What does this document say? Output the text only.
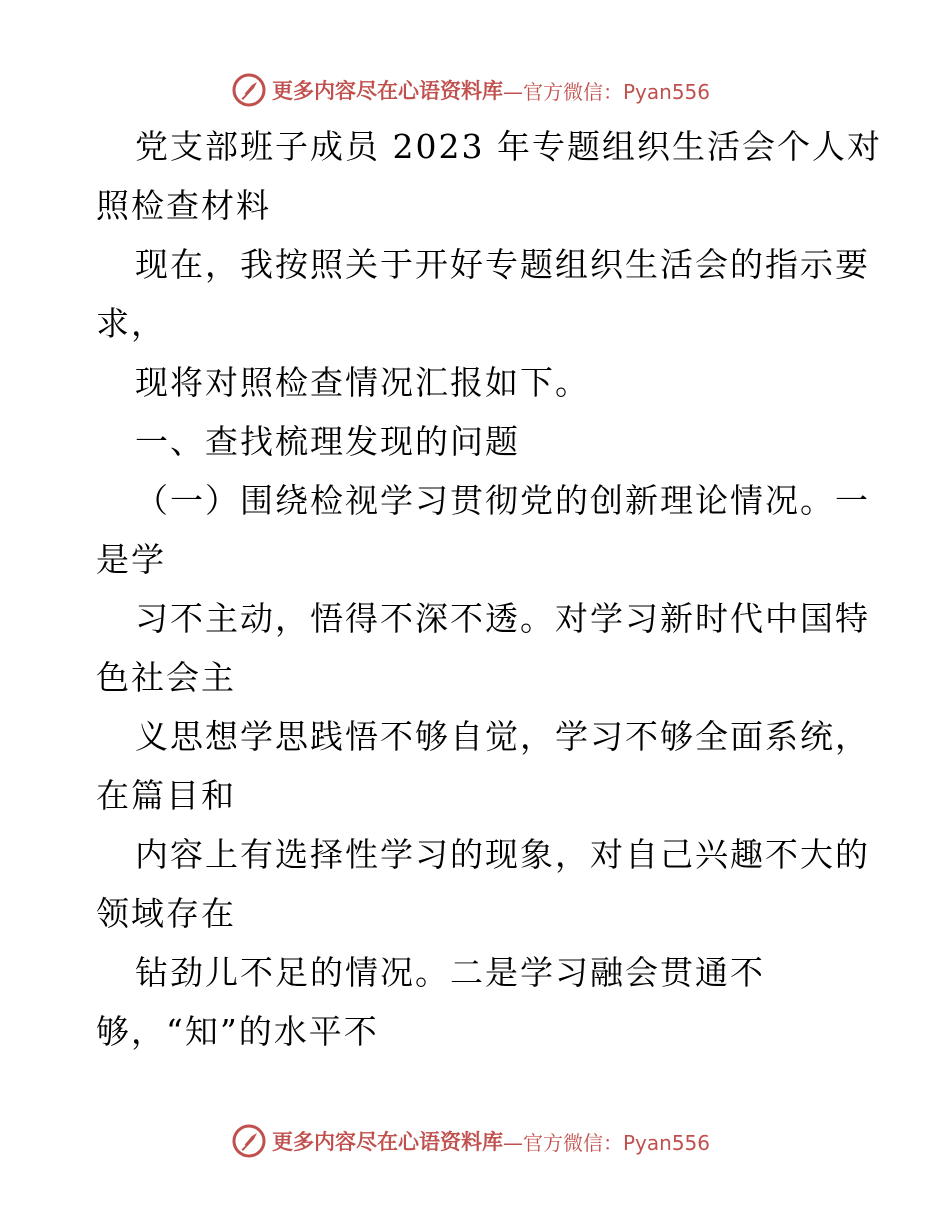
更多内容尽在心语资料库 —官方微信：Pyan556
党支部班子成员 2023 年专题组织生活会个人对
照检查材料
现在，我按照关于开好专题组织生活会的指示要
求，
现将对照检查情况汇报如下。
一、查找梳理发现的问题
（一）围绕检视学习贯彻党的创新理论情况。一
是学
习不主动，悟得不深不透。对学习新时代中国特
色社会主
义思想学思践悟不够自觉，学习不够全面系统，
在篇目和
内容上有选择性学习的现象，对自己兴趣不大的
领域存在
钻劲儿不足的情况。二是学习融会贯通不
够，“知”的水平不
更多内容尽在心语资料库 —官方微信：Pyan556
